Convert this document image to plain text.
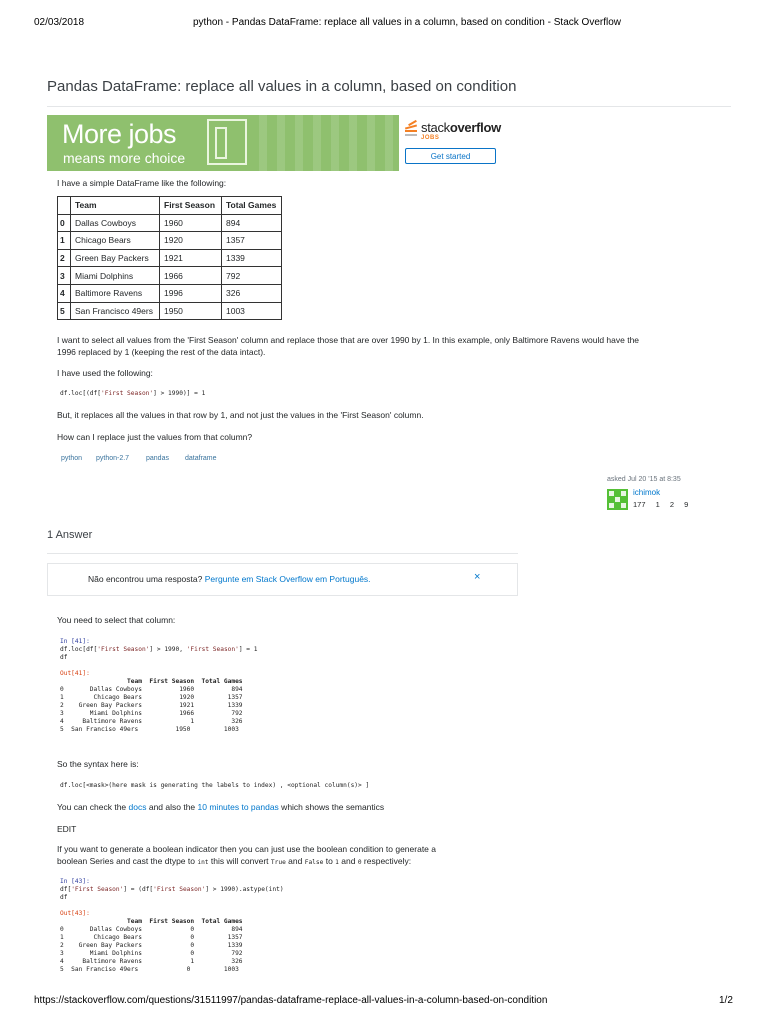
02/03/2018	python - Pandas DataFrame: replace all values in a column, based on condition - Stack Overflow
Pandas DataFrame: replace all values in a column, based on condition
More jobs
means more choice
stackoverflow
JOBS
Get started
I have a simple DataFrame like the following:
	Team	First Season	Total Games
0	Dallas Cowboys	1960	894
1	Chicago Bears	1920	1357
2	Green Bay Packers	1921	1339
3	Miami Dolphins	1966	792
4	Baltimore Ravens	1996	326
5	San Francisco 49ers	1950	1003
I want to select all values from the 'First Season' column and replace those that are over 1990 by 1. In this example, only Baltimore Ravens would have the
1996 replaced by 1 (keeping the rest of the data intact).
I have used the following:
df.loc[(df['First Season'] > 1990)] = 1
But, it replaces all the values in that row by 1, and not just the values in the 'First Season' column.
How can I replace just the values from that column?
python python-2.7 pandas dataframe
asked Jul 20 '15 at 8:35
ichimok
177 1 2 9
1 Answer
Não encontrou uma resposta? Pergunte em Stack Overflow em Português.	×
You need to select that column:
In [41]:
df.loc[df['First Season'] > 1990, 'First Season'] = 1
df

Out[41]:
Team  First Season  Total Games
0       Dallas Cowboys          1960          894
1        Chicago Bears          1920         1357
2    Green Bay Packers          1921         1339
3       Miami Dolphins          1966          792
4     Baltimore Ravens             1          326
5  San Franciso 49ers          1950         1003
So the syntax here is:
df.loc[<mask>(here mask is generating the labels to index) , <optional column(s)> ]
You can check the docs and also the 10 minutes to pandas which shows the semantics
EDIT
If you want to generate a boolean indicator then you can just use the boolean condition to generate a
boolean Series and cast the dtype to int this will convert True and False to 1 and 0 respectively:
In [43]:
df['First Season'] = (df['First Season'] > 1990).astype(int)
df

Out[43]:
Team  First Season  Total Games
0       Dallas Cowboys             0          894
1        Chicago Bears             0         1357
2    Green Bay Packers             0         1339
3       Miami Dolphins             0          792
4     Baltimore Ravens             1          326
5  San Franciso 49ers             0         1003
https://stackoverflow.com/questions/31511997/pandas-dataframe-replace-all-values-in-a-column-based-on-condition	1/2
